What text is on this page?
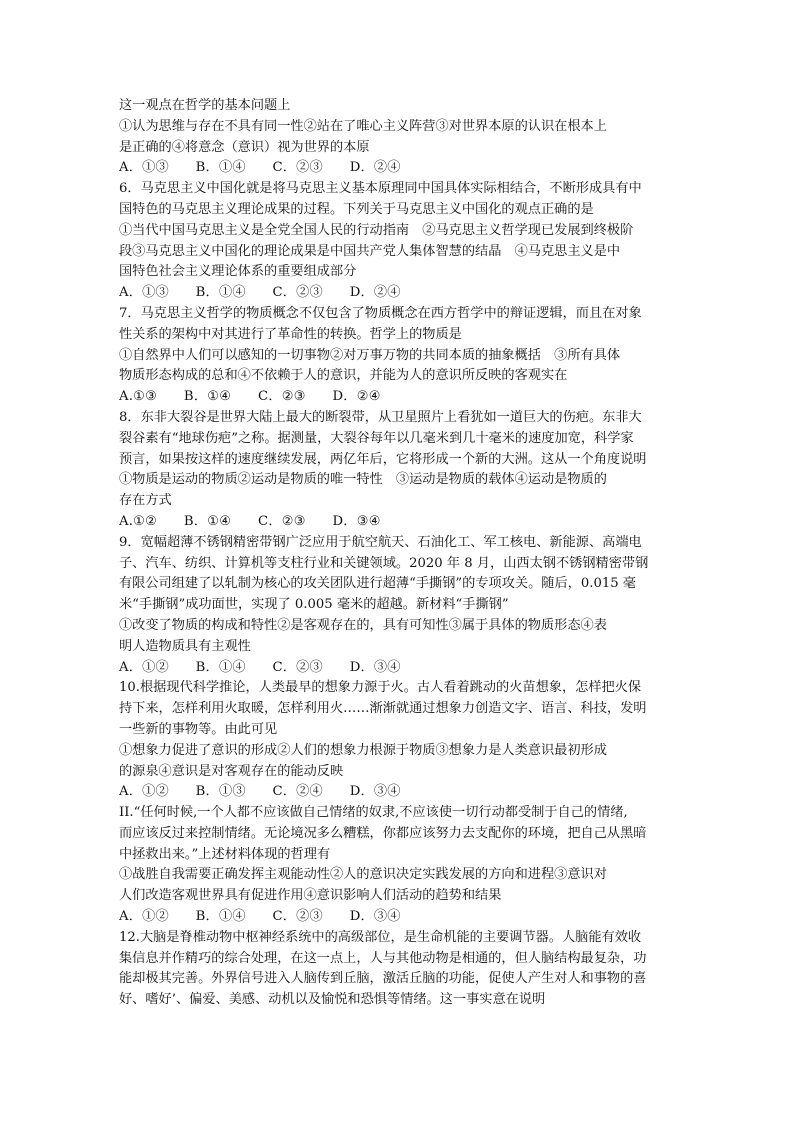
这一观点在哲学的基本问题上
①认为思维与存在不具有同一性②站在了唯心主义阵营③对世界本原的认识在根本上
是正确的④将意念（意识）视为世界的本原
A．①③　　B．①④　　C．②③　　D．②④
6．马克思主义中国化就是将马克思主义基本原理同中国具体实际相结合，不断形成具有中
国特色的马克思主义理论成果的过程。下列关于马克思主义中国化的观点正确的是
①当代中国马克思主义是全党全国人民的行动指南　②马克思主义哲学现已发展到终极阶
段③马克思主义中国化的理论成果是中国共产党人集体智慧的结晶　④马克思主义是中
国特色社会主义理论体系的重要组成部分
A．①③　　B．①④　　C．②③　　D．②④
7．马克思主义哲学的物质概念不仅包含了物质概念在西方哲学中的辩证逻辑，而且在对象
性关系的架构中对其进行了革命性的转换。哲学上的物质是
①自然界中人们可以感知的一切事物②对万事万物的共同本质的抽象概括　③所有具体
物质形态构成的总和④不依赖于人的意识，并能为人的意识所反映的客观实在
A.①③　　B．①④　　C．②③　　D．②④
8．东非大裂谷是世界大陆上最大的断裂带，从卫星照片上看犹如一道巨大的伤疤。东非大
裂谷素有“地球伤疤”之称。据测量，大裂谷每年以几毫米到几十毫米的速度加宽，科学家
预言，如果按这样的速度继续发展，两亿年后，它将形成一个新的大洲。这从一个角度说明
①物质是运动的物质②运动是物质的唯一特性　③运动是物质的载体④运动是物质的
存在方式
A.①②　　B．①④　　C．②③　　D．③④
9．宽幅超薄不锈钢精密带钢广泛应用于航空航天、石油化工、军工核电、新能源、高端电
子、汽车、纺织、计算机等支柱行业和关键领域。2020 年 8 月，山西太钢不锈钢精密带钢
有限公司组建了以轧制为核心的攻关团队进行超薄“手撕钢”的专项攻关。随后，0.015 毫
米“手撕钢”成功面世，实现了 0.005 毫米的超越。新材料“手撕钢”
①改变了物质的构成和特性②是客观存在的，具有可知性③属于具体的物质形态④表
明人造物质具有主观性
A．①②　　B．①④　　C．②③　　D．③④
10.根据现代科学推论，人类最早的想象力源于火。古人看着跳动的火苗想象，怎样把火保
持下来，怎样利用火取暖，怎样利用火……渐渐就通过想象力创造文字、语言、科技，发明
一些新的事物等。由此可见
①想象力促进了意识的形成②人们的想象力根源于物质③想象力是人类意识最初形成
的源泉④意识是对客观存在的能动反映
A．①②　　B．①③　　C．②④　　D．③④
II.“任何时候,一个人都不应该做自己情绪的奴隶,不应该使一切行动都受制于自己的情绪,
而应该反过来控制情绪。无论境况多么糟糕，你都应该努力去支配你的环境，把自己从黑暗
中拯救出来。”上述材料体现的哲理有
①战胜自我需要正确发挥主观能动性②人的意识决定实践发展的方向和进程③意识对
人们改造客观世界具有促进作用④意识影响人们活动的趋势和结果
A．①②　　B．①④　　C．②③　　D．③④
12.大脑是脊椎动物中枢神经系统中的高级部位，是生命机能的主要调节器。人脑能有效收
集信息并作精巧的综合处理，在这一点上，人与其他动物是相通的，但人脑结构最复杂，功
能却极其完善。外界信号进入人脑传到丘脑，激活丘脑的功能，促使人产生对人和事物的喜
好、嗜好’、偏爱、美感、动机以及愉悦和恐惧等情绪。这一事实意在说明
